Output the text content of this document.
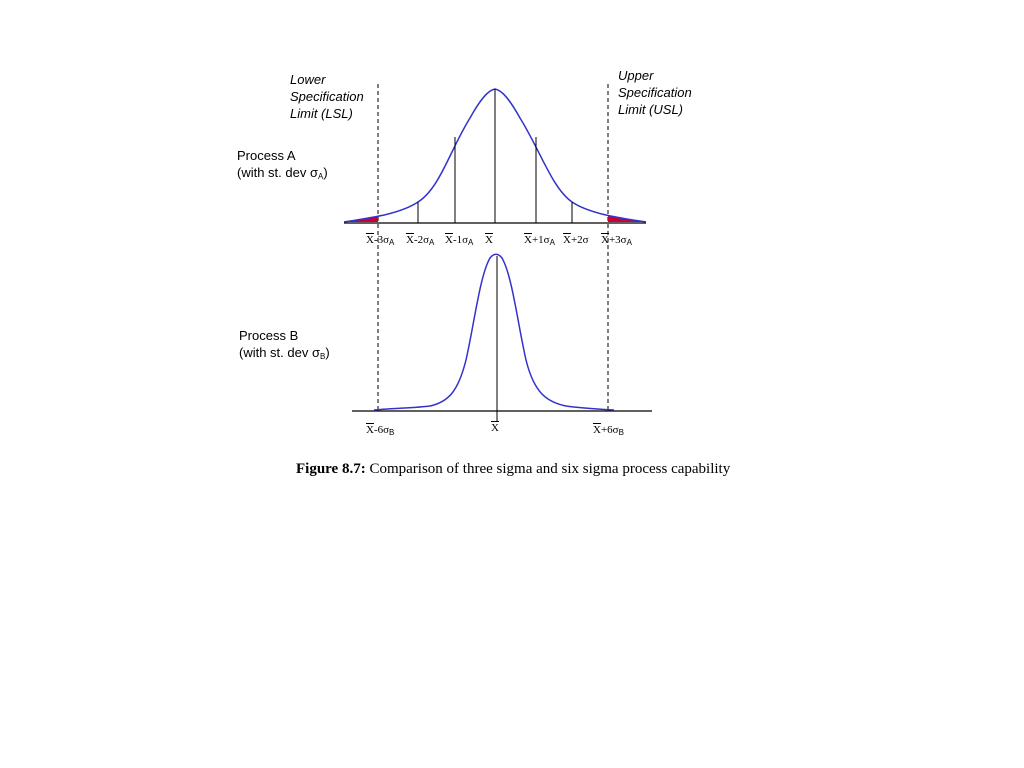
Lower
Specification
Limit (LSL)
Upper
Specification
Limit (USL)
Process A
(with st. dev $\sigma_A$)
Process B
(with st. dev $\sigma_B$)
$\overline{X}-3\sigma_A$ $\overline{X}-2\sigma_A$ $\overline{X}-1\sigma_A$ $\overline{X}$	$\overline{X}+1\sigma_A$ $\overline{X}+2\sigma$ $\overline{X}+3\sigma_A$
$\overline{X}-6\sigma_B$	$\overline{X}$	$\overline{X}+6\sigma_B$
Figure 8.7: Comparison of three sigma and six sigma process capability
